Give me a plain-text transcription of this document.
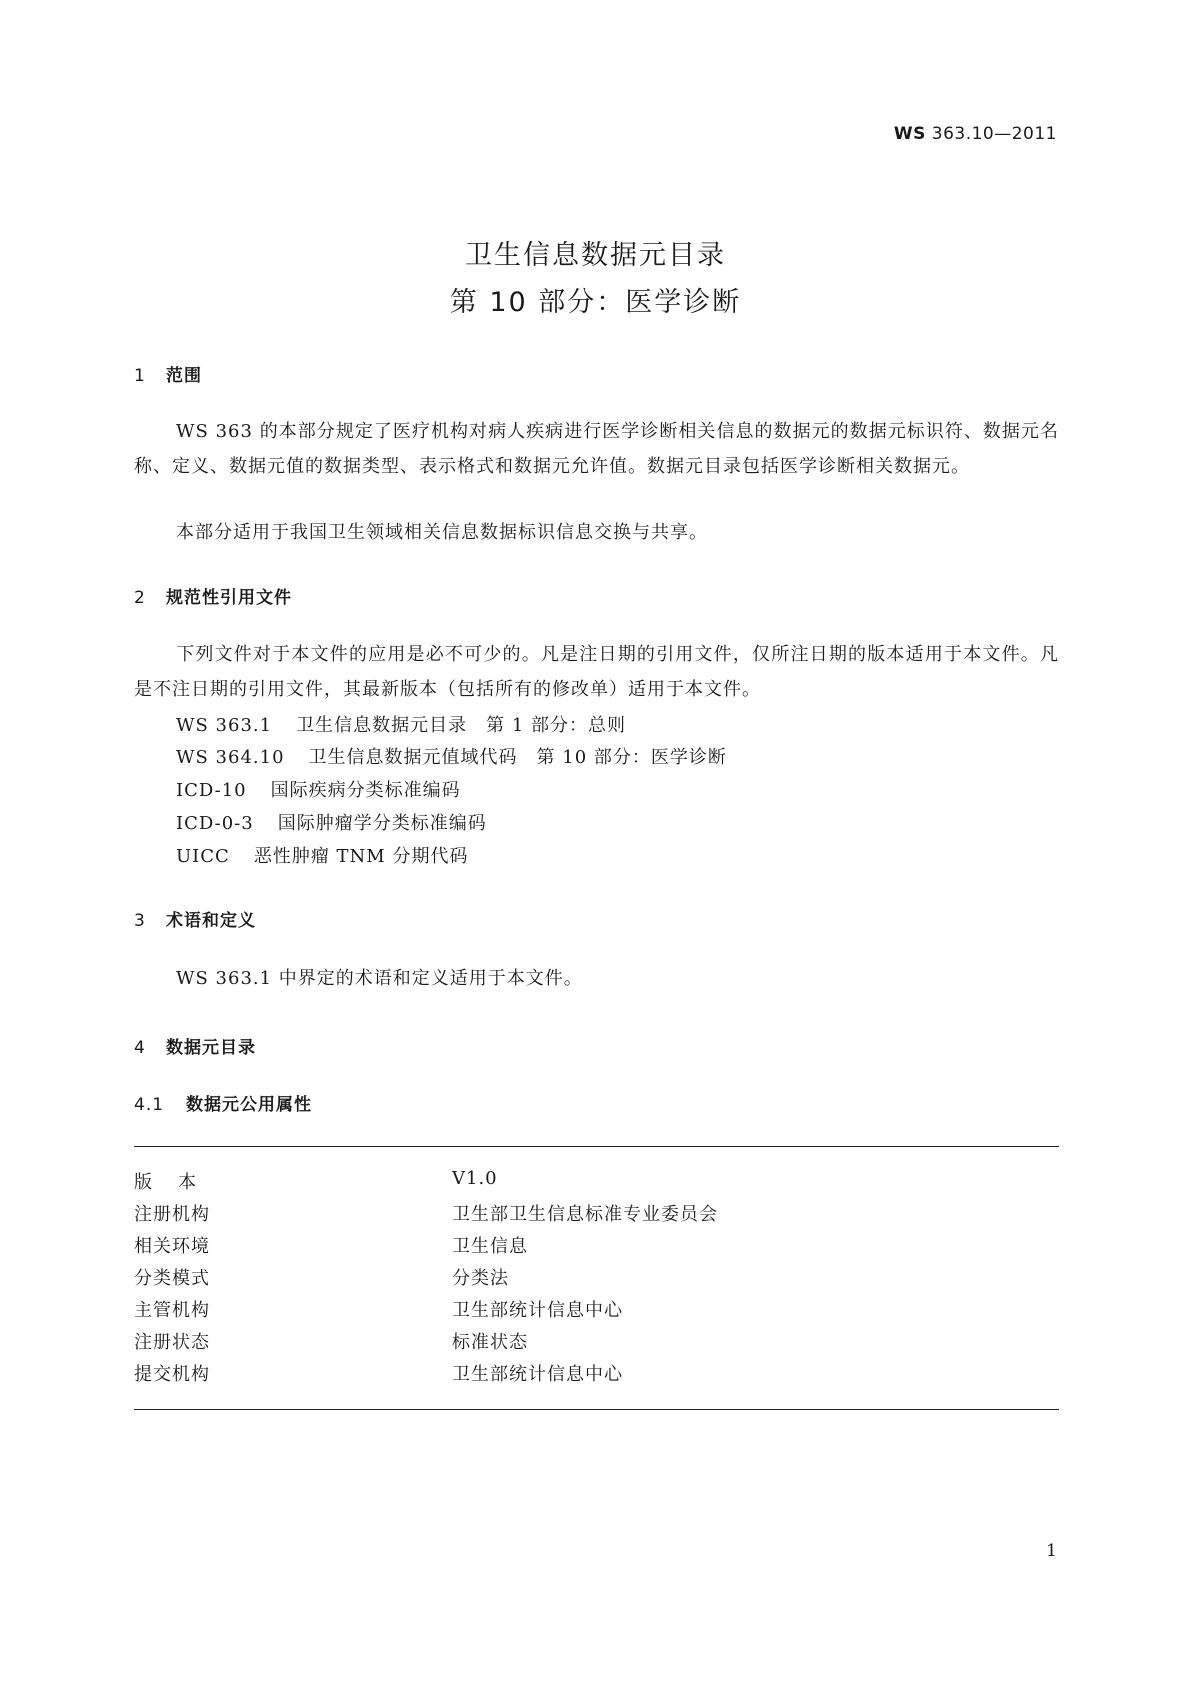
WS 363.10—2011
卫生信息数据元目录
第 10 部分：医学诊断
1 范围
WS 363 的本部分规定了医疗机构对病人疾病进行医学诊断相关信息的数据元的数据元标识符、数据元名称、定义、数据元值的数据类型、表示格式和数据元允许值。数据元目录包括医学诊断相关数据元。
本部分适用于我国卫生领域相关信息数据标识信息交换与共享。
2 规范性引用文件
下列文件对于本文件的应用是必不可少的。凡是注日期的引用文件，仅所注日期的版本适用于本文件。凡是不注日期的引用文件，其最新版本（包括所有的修改单）适用于本文件。
WS 363.1 卫生信息数据元目录　第 1 部分：总则
WS 364.10 卫生信息数据元值域代码　第 10 部分：医学诊断
ICD-10 国际疾病分类标准编码
ICD-0-3 国际肿瘤学分类标准编码
UICC 恶性肿瘤 TNM 分期代码
3 术语和定义
WS 363.1 中界定的术语和定义适用于本文件。
4 数据元目录
4.1 数据元公用属性
版本	V1.0
注册机构	卫生部卫生信息标准专业委员会
相关环境	卫生信息
分类模式	分类法
主管机构	卫生部统计信息中心
注册状态	标准状态
提交机构	卫生部统计信息中心
1
